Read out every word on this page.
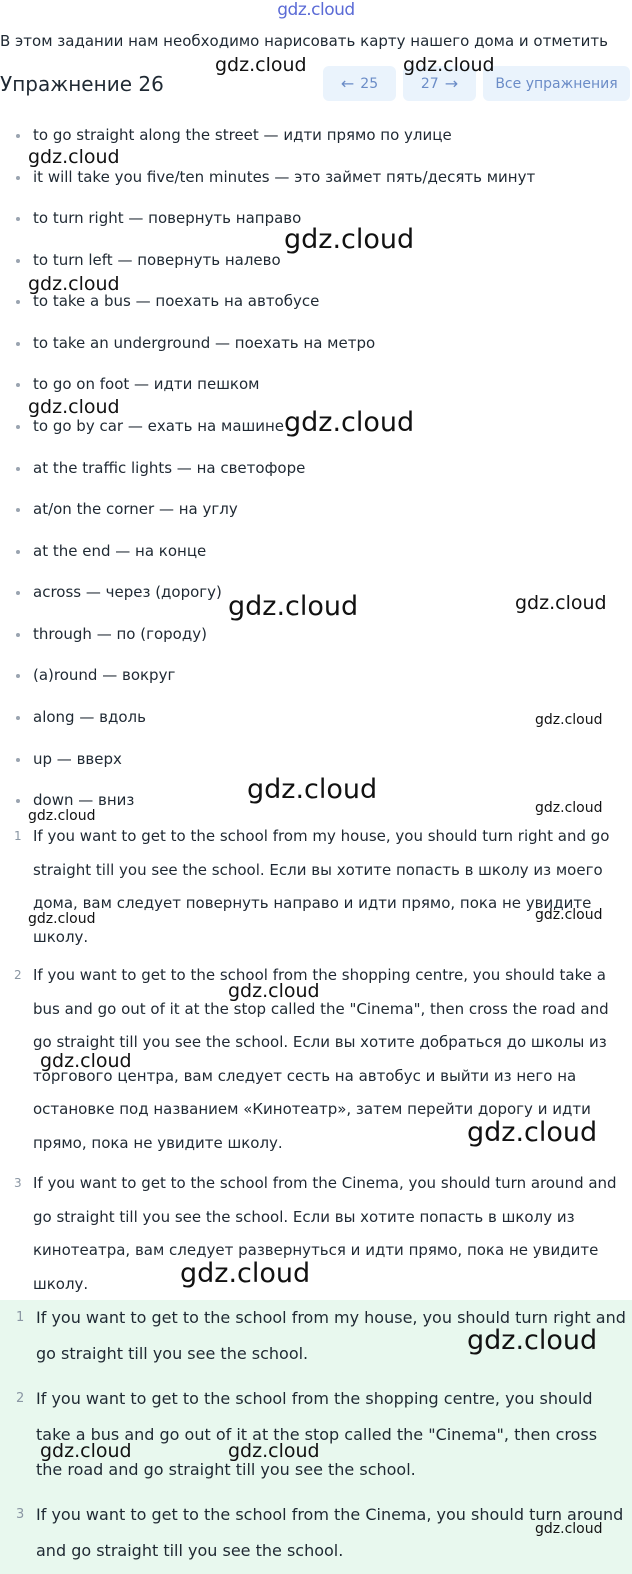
gdz.cloud
В этом задании нам необходимо нарисовать карту нашего дома и отметить
Упражнение 26	← 25	27 →	Все упражнения
to go straight along the street — идти прямо по улице
it will take you five/ten minutes — это займет пять/десять минут
to turn right — повернуть направо
to turn left — повернуть налево
to take a bus — поехать на автобусе
to take an underground — поехать на метро
to go on foot — идти пешком
to go by car — ехать на машине
at the traffic lights — на светофоре
at/on the corner — на углу
at the end — на конце
across — через (дорогу)
through — по (городу)
(a)round — вокруг
along — вдоль
up — вверх
down — вниз
1 If you want to get to the school from my house, you should turn right and go straight till you see the school. Если вы хотите попасть в школу из моего дома, вам следует повернуть направо и идти прямо, пока не увидите школу.
2 If you want to get to the school from the shopping centre, you should take a bus and go out of it at the stop called the "Cinema", then cross the road and go straight till you see the school. Если вы хотите добраться до школы из торгового центра, вам следует сесть на автобус и выйти из него на остановке под названием «Кинотеатр», затем перейти дорогу и идти прямо, пока не увидите школу.
3 If you want to get to the school from the Cinema, you should turn around and go straight till you see the school. Если вы хотите попасть в школу из кинотеатра, вам следует развернуться и идти прямо, пока не увидите школу.
1 If you want to get to the school from my house, you should turn right and go straight till you see the school.
2 If you want to get to the school from the shopping centre, you should take a bus and go out of it at the stop called the "Cinema", then cross the road and go straight till you see the school.
3 If you want to get to the school from the Cinema, you should turn around and go straight till you see the school.
gdz.cloud	gdz.cloud
gdz.cloud
gdz.cloud
gdz.cloud
gdz.cloud	gdz.cloud
gdz.cloud	gdz.cloud
gdz.cloud
gdz.cloud
gdz.cloud	gdz.cloud
gdz.cloud	gdz.cloud
gdz.cloud
gdz.cloud
gdz.cloud
gdz.cloud
gdz.cloud
gdz.cloud	gdz.cloud
gdz.cloud
